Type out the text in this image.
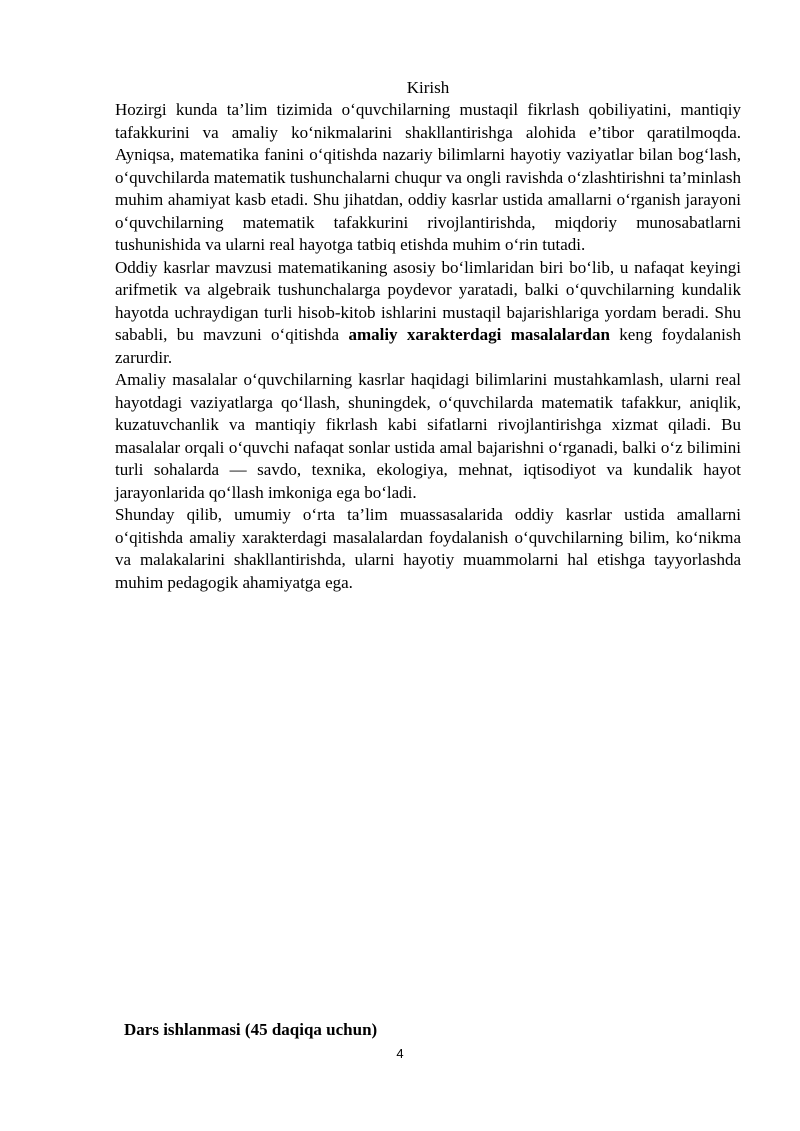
Kirish

Hozirgi kunda ta’lim tizimida o‘quvchilarning mustaqil fikrlash qobiliyatini, mantiqiy tafakkurini va amaliy ko‘nikmalarini shakllantirishga alohida e’tibor qaratilmoqda. Ayniqsa, matematika fanini o‘qitishda nazariy bilimlarni hayotiy vaziyatlar bilan bog‘lash, o‘quvchilarda matematik tushunchalarni chuqur va ongli ravishda o‘zlashtirishni ta’minlash muhim ahamiyat kasb etadi. Shu jihatdan, oddiy kasrlar ustida amallarni o‘rganish jarayoni o‘quvchilarning matematik tafakkurini rivojlantirishda, miqdoriy munosabatlarni tushunishida va ularni real hayotga tatbiq etishda muhim o‘rin tutadi.

Oddiy kasrlar mavzusi matematikaning asosiy bo‘limlaridan biri bo‘lib, u nafaqat keyingi arifmetik va algebraik tushunchalarga poydevor yaratadi, balki o‘quvchilarning kundalik hayotda uchraydigan turli hisob-kitob ishlarini mustaqil bajarishlariga yordam beradi. Shu sababli, bu mavzuni o‘qitishda amaliy xarakterdagi masalalardan keng foydalanish zarurdir.

Amaliy masalalar o‘quvchilarning kasrlar haqidagi bilimlarini mustahkamlash, ularni real hayotdagi vaziyatlarga qo‘llash, shuningdek, o‘quvchilarda matematik tafakkur, aniqlik, kuzatuvchanlik va mantiqiy fikrlash kabi sifatlarni rivojlantirishga xizmat qiladi. Bu masalalar orqali o‘quvchi nafaqat sonlar ustida amal bajarishni o‘rganadi, balki o‘z bilimini turli sohalarda — savdo, texnika, ekologiya, mehnat, iqtisodiyot va kundalik hayot jarayonlarida qo‘llash imkoniga ega bo‘ladi.

Shunday qilib, umumiy o‘rta ta’lim muassasalarida oddiy kasrlar ustida amallarni o‘qitishda amaliy xarakterdagi masalalardan foydalanish o‘quvchilarning bilim, ko‘nikma va malakalarini shakllantirishda, ularni hayotiy muammolarni hal etishga tayyorlashda muhim pedagogik ahamiyatga ega.

Dars ishlanmasi (45 daqiqa uchun)

4
